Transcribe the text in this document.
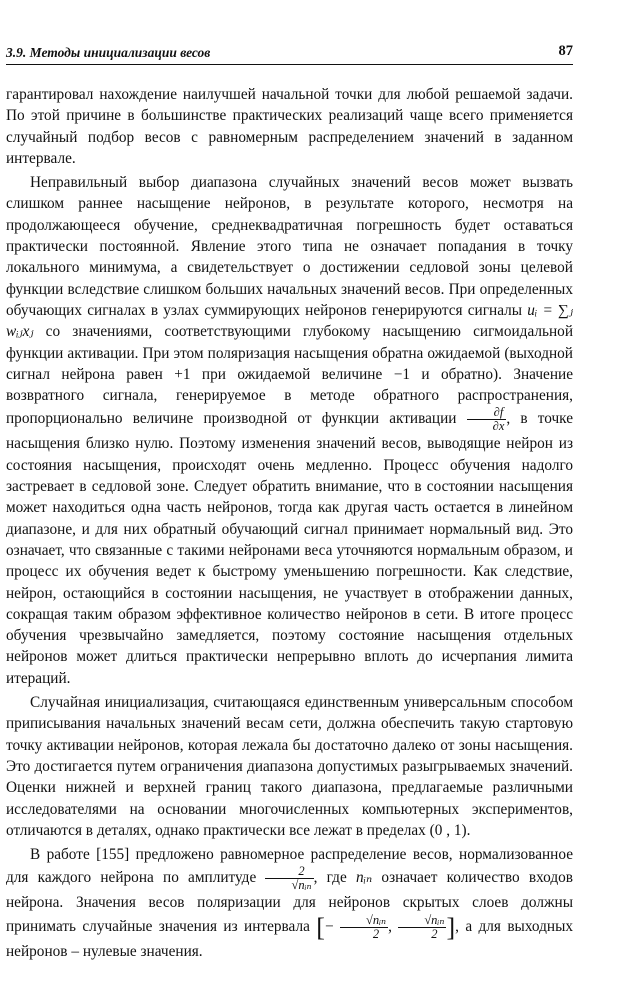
3.9. Методы инициализации весов	87

гарантировал нахождение наилучшей начальной точки для любой решаемой задачи. По этой причине в большинстве практических реализаций чаще всего применяется случайный подбор весов с равномерным распределением значений в заданном интервале.

Неправильный выбор диапазона случайных значений весов может вызвать слишком раннее насыщение нейронов, в результате которого, несмотря на продолжающееся обучение, среднеквадратичная погрешность будет оставаться практически постоянной. Явление этого типа не означает попадания в точку локального минимума, а свидетельствует о достижении седловой зоны целевой функции вследствие слишком больших начальных значений весов. При определенных обучающих сигналах в узлах суммирующих нейронов генерируются сигналы uᵢ = ∑ⱼ wᵢⱼxⱼ со значениями, соответствующими глубокому насыщению сигмоидальной функции активации. При этом поляризация насыщения обратна ожидаемой (выходной сигнал нейрона равен +1 при ожидаемой величине −1 и обратно). Значение возвратного сигнала, генерируемое в методе обратного распространения, пропорционально величине производной от функции активации $\frac{\partial f}{\partial x}$ , в точке насыщения близко нулю. Поэтому изменения значений весов, выводящие нейрон из состояния насыщения, происходят очень медленно. Процесс обучения надолго застревает в седловой зоне. Следует обратить внимание, что в состоянии насыщения может находиться одна часть нейронов, тогда как другая часть остается в линейном диапазоне, и для них обратный обучающий сигнал принимает нормальный вид. Это означает, что связанные с такими нейронами веса уточняются нормальным образом, и процесс их обучения ведет к быстрому уменьшению погрешности. Как следствие, нейрон, остающийся в состоянии насыщения, не участвует в отображении данных, сокращая таким образом эффективное количество нейронов в сети. В итоге процесс обучения чрезвычайно замедляется, поэтому состояние насыщения отдельных нейронов может длиться практически непрерывно вплоть до исчерпания лимита итераций.

Случайная инициализация, считающаяся единственным универсальным способом приписывания начальных значений весам сети, должна обеспечить такую стартовую точку активации нейронов, которая лежала бы достаточно далеко от зоны насыщения. Это достигается путем ограничения диапазона допустимых разыгрываемых значений. Оценки нижней и верхней границ такого диапазона, предлагаемые различными исследователями на основании многочисленных компьютерных экспериментов, отличаются в деталях, однако практически все лежат в пределах (0 , 1).

В работе [155] предложено равномерное распределение весов, нормализованное для каждого нейрона по амплитуде $\frac{2}{\text{√nᵢₙ}}$ , где nᵢₙ означает количество входов нейрона. Значения весов поляризации для нейронов скрытых слоев должны принимать случайные значения из интервала [− $\frac{\text{√nᵢₙ}}{2}$ , $\frac{\text{√nᵢₙ}}{2}$ ], а для выходных нейронов – нулевые значения.
